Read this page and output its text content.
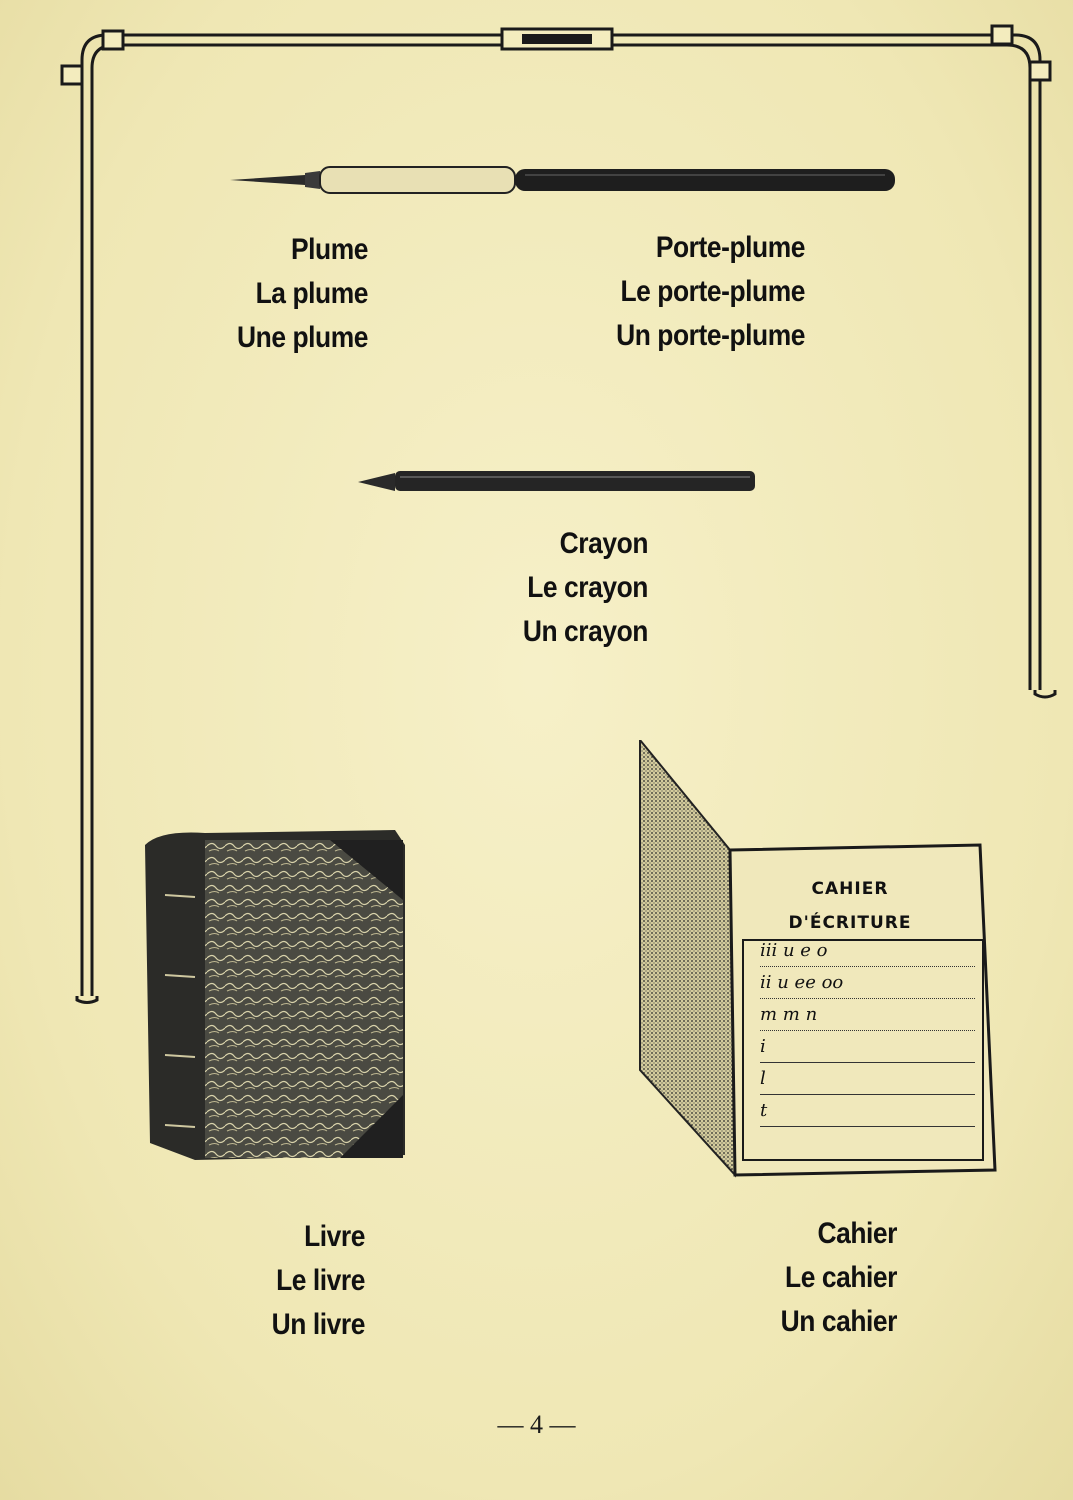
CAHIER
D'ÉCRITURE
iii u e o
ii u ee oo
m m n
i
l
t
Plume
La plume
Une plume
Porte-plume
Le porte-plume
Un porte-plume
Crayon
Le crayon
Un crayon
Livre
Le livre
Un livre
Cahier
Le cahier
Un cahier
— 4 —
